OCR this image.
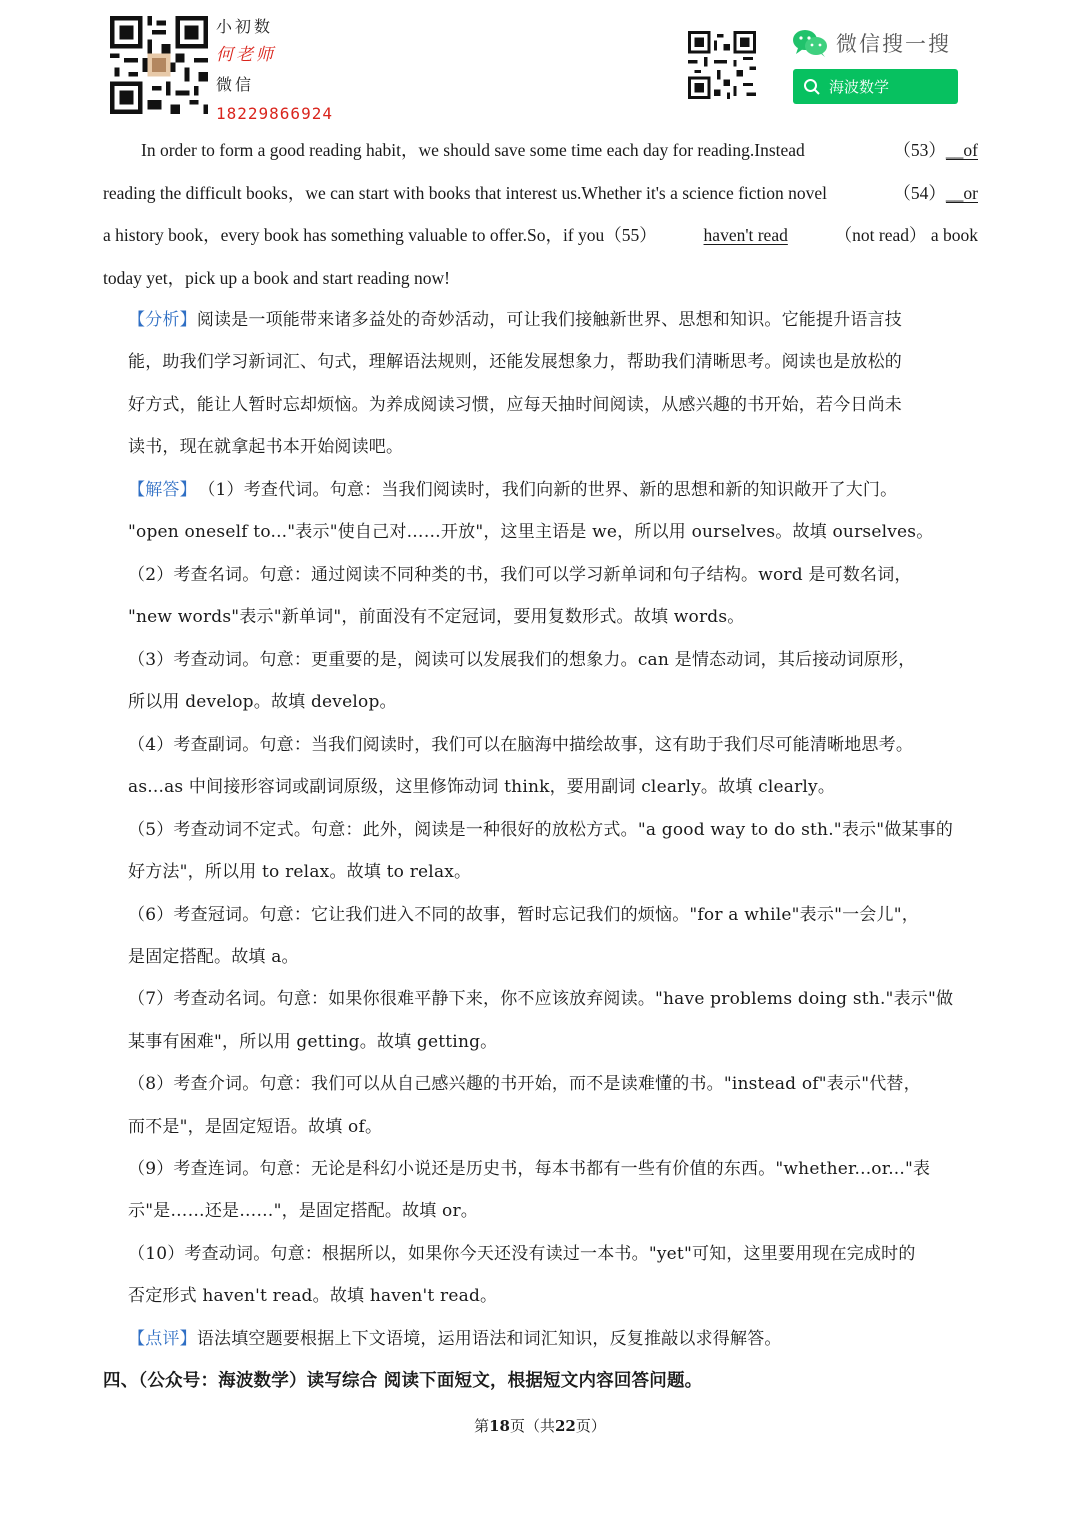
小初数
何老师
微信
18229866924
微信搜一搜
海波数学
In order to form a good reading habit，we should save some time each day for reading.Instead	（53）__of
reading the difficult books，we can start with books that interest us.Whether it's a science fiction novel	（54）__or
a history book，every book has something valuable to offer.So，if you（55）	haven't read	（not read） a book
today yet，pick up a book and start reading now!
【分析】阅读是一项能带来诸多益处的奇妙活动，可让我们接触新世界、思想和知识。它能提升语言技
能，助我们学习新词汇、句式，理解语法规则，还能发展想象力，帮助我们清晰思考。阅读也是放松的
好方式，能让人暂时忘却烦恼。为养成阅读习惯，应每天抽时间阅读，从感兴趣的书开始，若今日尚未
读书，现在就拿起书本开始阅读吧。
【解答】 （1）考查代词。句意：当我们阅读时，我们向新的世界、新的思想和新的知识敞开了大门。
"open oneself to..."表示"使自己对……开放"，这里主语是 we，所以用 ourselves。故填 ourselves。
（2）考查名词。句意：通过阅读不同种类的书，我们可以学习新单词和句子结构。word 是可数名词，
"new words"表示"新单词"，前面没有不定冠词，要用复数形式。故填 words。
（3）考查动词。句意：更重要的是，阅读可以发展我们的想象力。can 是情态动词，其后接动词原形，
所以用 develop。故填 develop。
（4）考查副词。句意：当我们阅读时，我们可以在脑海中描绘故事，这有助于我们尽可能清晰地思考。
as...as 中间接形容词或副词原级，这里修饰动词 think，要用副词 clearly。故填 clearly。
（5）考查动词不定式。句意：此外，阅读是一种很好的放松方式。"a good way to do sth."表示"做某事的
好方法"，所以用 to relax。故填 to relax。
（6）考查冠词。句意：它让我们进入不同的故事，暂时忘记我们的烦恼。"for a while"表示"一会儿"，
是固定搭配。故填 a。
（7）考查动名词。句意：如果你很难平静下来，你不应该放弃阅读。"have problems doing sth."表示"做
某事有困难"，所以用 getting。故填 getting。
（8）考查介词。句意：我们可以从自己感兴趣的书开始，而不是读难懂的书。"instead of"表示"代替，
而不是"，是固定短语。故填 of。
（9）考查连词。句意：无论是科幻小说还是历史书，每本书都有一些有价值的东西。"whether...or..."表
示"是……还是……"，是固定搭配。故填 or。
（10）考查动词。句意：根据所以，如果你今天还没有读过一本书。"yet"可知，这里要用现在完成时的
否定形式 haven't read。故填 haven't read。
【点评】语法填空题要根据上下文语境，运用语法和词汇知识，反复推敲以求得解答。
四、（公众号：海波数学）读写综合 阅读下面短文，根据短文内容回答问题。
第18页（共22页）
